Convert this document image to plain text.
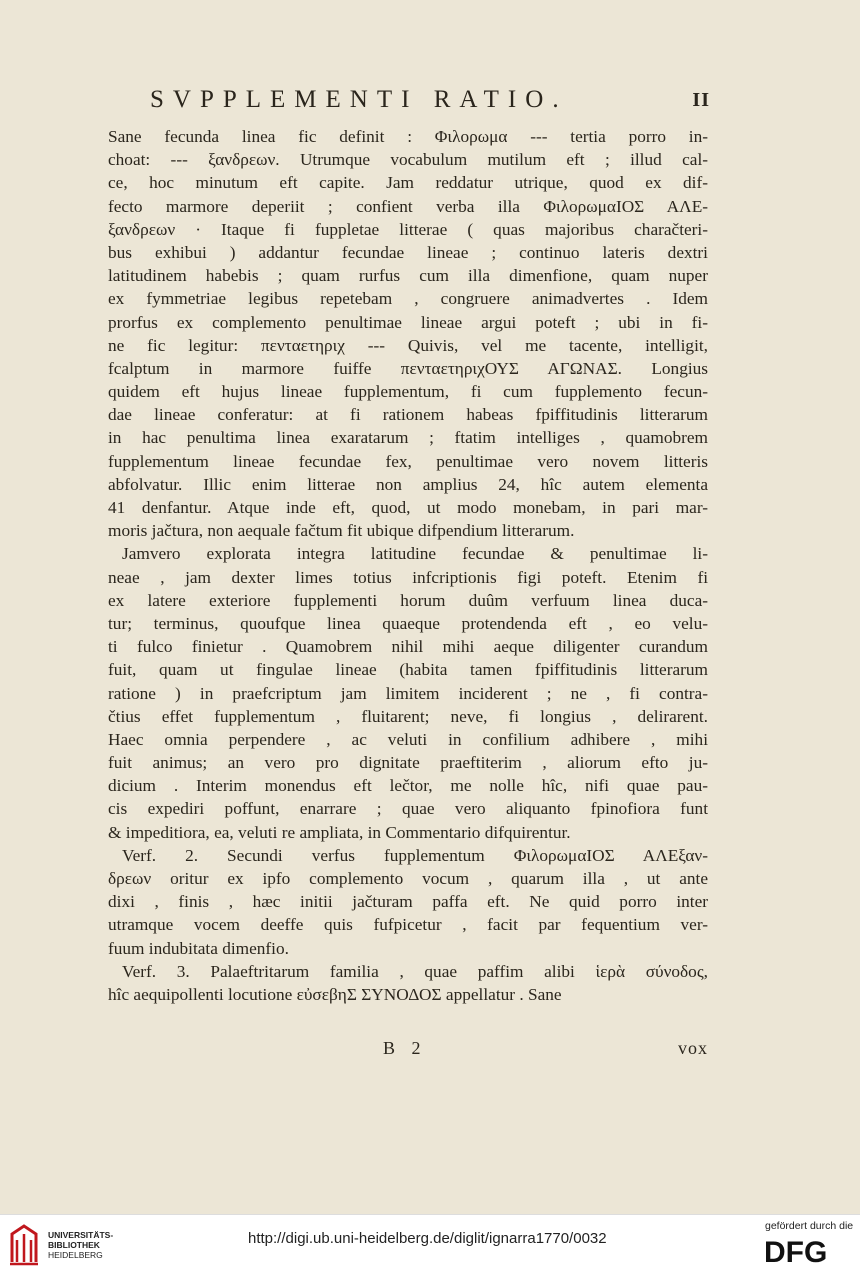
SVPPLEMENTI RATIO.	II
Sane fecunda linea fic definit : Φιλορωμα --- tertia porro in-
choat: --- ξανδρεων. Utrumque vocabulum mutilum eft ; illud cal-
ce, hoc minutum eft capite. Jam reddatur utrique, quod ex dif-
fecto marmore deperiit ; confient verba illa ΦιλορωμαΙΟΣ ΑΛΕ-
ξανδρεων · Itaque fi fuppletae litterae ( quas majoribus charačteri-
bus exhibui ) addantur fecundae lineae ; continuo lateris dextri
latitudinem habebis ; quam rurfus cum illa dimenfione, quam nuper
ex fymmetriae legibus repetebam , congruere animadvertes . Idem
prorfus ex complemento penultimae lineae argui poteft ; ubi in fi-
ne fic legitur: πενταετηριχ --- Quivis, vel me tacente, intelligit,
fcalptum in marmore fuiffe πενταετηριχΟΥΣ ΑΓΩΝΑΣ. Longius
quidem eft hujus lineae fupplementum, fi cum fupplemento fecun-
dae lineae conferatur: at fi rationem habeas fpiffitudinis litterarum
in hac penultima linea exaratarum ; ftatim intelliges , quamobrem
fupplementum lineae fecundae fex, penultimae vero novem litteris
abfolvatur. Illic enim litterae non amplius 24, hîc autem elementa
41 denfantur. Atque inde eft, quod, ut modo monebam, in pari mar-
moris jačtura, non aequale fačtum fit ubique difpendium litterarum.
Jamvero explorata integra latitudine fecundae & penultimae li-
neae , jam dexter limes totius infcriptionis figi poteft. Etenim fi
ex latere exteriore fupplementi horum duûm verfuum linea duca-
tur; terminus, quoufque linea quaeque protendenda eft , eo velu-
ti fulco finietur . Quamobrem nihil mihi aeque diligenter curandum
fuit, quam ut fingulae lineae (habita tamen fpiffitudinis litterarum
ratione ) in praefcriptum jam limitem inciderent ; ne , fi contra-
čtius effet fupplementum , fluitarent; neve, fi longius , delirarent.
Haec omnia perpendere , ac veluti in confilium adhibere , mihi
fuit animus; an vero pro dignitate praeftiterim , aliorum efto ju-
dicium . Interim monendus eft lečtor, me nolle hîc, nifi quae pau-
cis expediri poffunt, enarrare ; quae vero aliquanto fpinofiora funt
& impeditiora, ea, veluti re ampliata, in Commentario difquirentur.
Verf. 2. Secundi verfus fupplementum ΦιλορωμαΙΟΣ ΑΛΕξαν-
δρεων oritur ex ipfo complemento vocum , quarum illa , ut ante
dixi , finis , hæc initii jačturam paffa eft. Ne quid porro inter
utramque vocem deeffe quis fufpicetur , facit par fequentium ver-
fuum indubitata dimenfio.
Verf. 3. Palaeftritarum familia , quae paffim alibi ἱερὰ σύνοδος,
hîc aequipollenti locutione εὐσεβηΣ ΣΥΝΟΔΟΣ appellatur . Sane
B 2	vox
UNIVERSITÄTS-
BIBLIOTHEK
HEIDELBERG
http://digi.ub.uni-heidelberg.de/diglit/ignarra1770/0032
gefördert durch die
DFG
